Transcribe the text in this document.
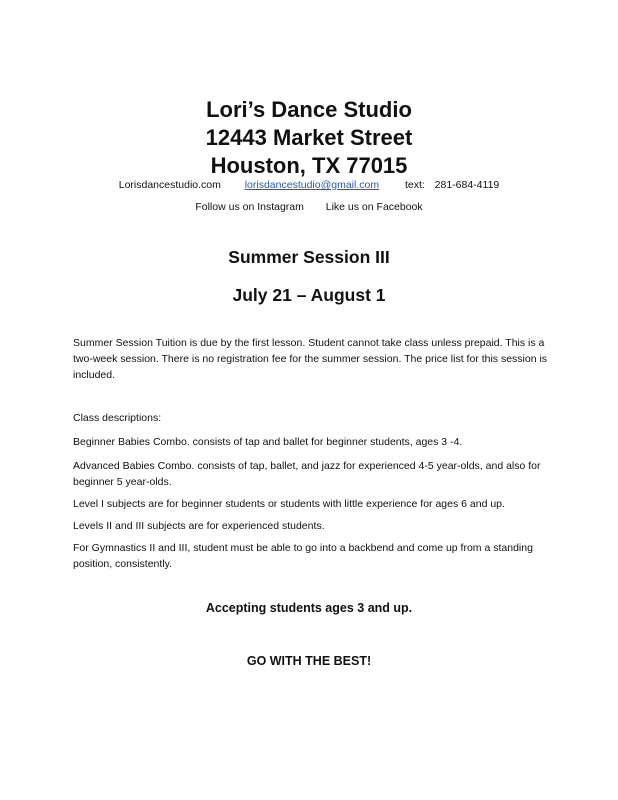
Lori’s Dance Studio
12443 Market Street
Houston, TX 77015
Lorisdancestudio.com lorisdancestudio@gmail.com text: 281-684-4119
Follow us on Instagram Like us on Facebook
Summer Session III
July 21 – August 1
Summer Session Tuition is due by the first lesson. Student cannot take class unless prepaid. This is a two-week session. There is no registration fee for the summer session. The price list for this session is included.
Class descriptions:
Beginner Babies Combo. consists of tap and ballet for beginner students, ages 3 -4.
Advanced Babies Combo. consists of tap, ballet, and jazz for experienced 4-5 year-olds, and also for beginner 5 year-olds.
Level I subjects are for beginner students or students with little experience for ages 6 and up.
Levels II and III subjects are for experienced students.
For Gymnastics II and III, student must be able to go into a backbend and come up from a standing position, consistently.
Accepting students ages 3 and up.
GO WITH THE BEST!
